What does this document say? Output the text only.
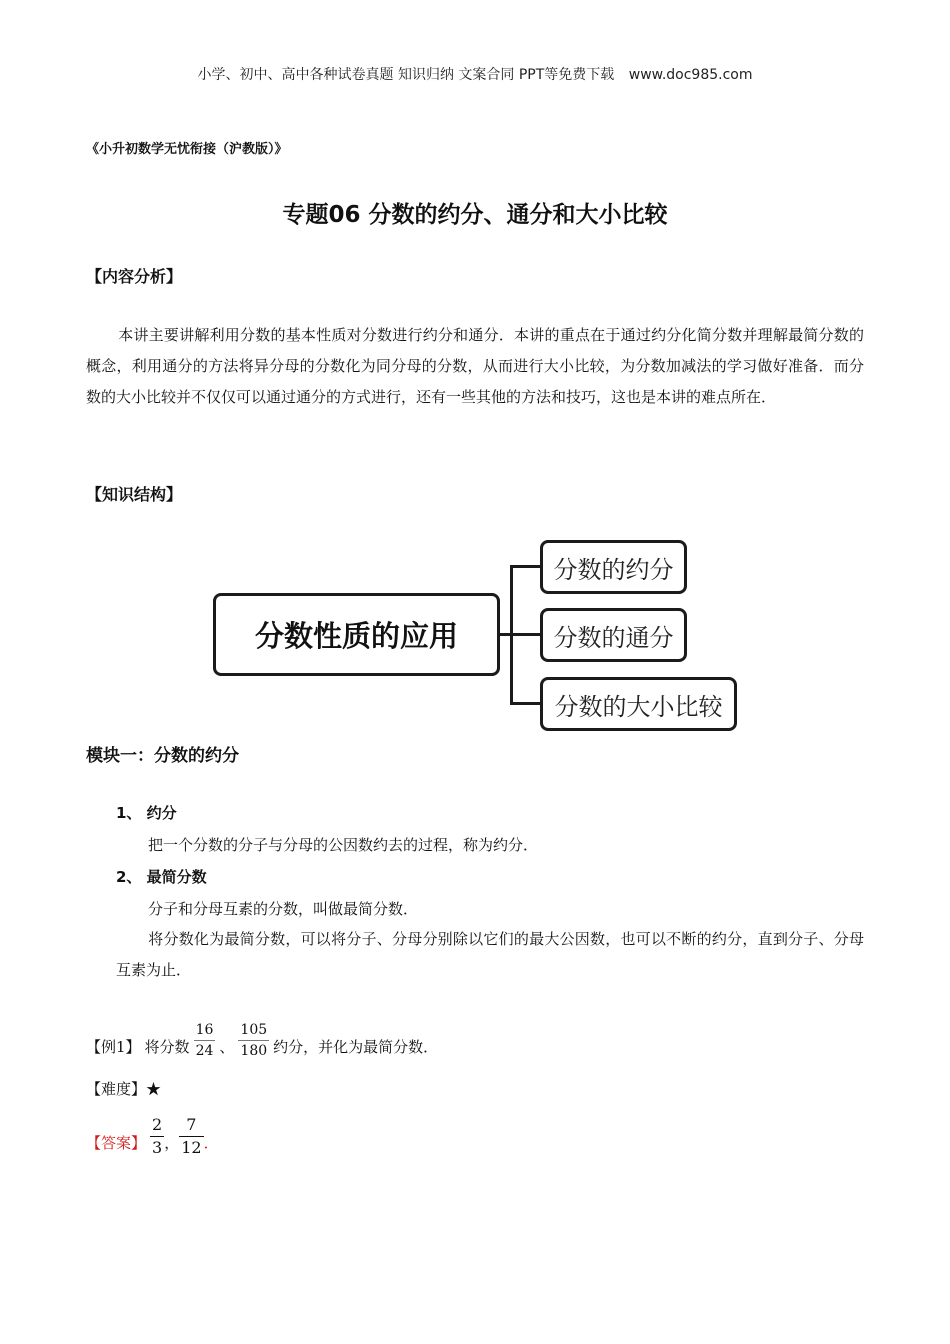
小学、初中、高中各种试卷真题 知识归纳 文案合同 PPT等免费下载 www.doc985.com
《小升初数学无忧衔接（沪教版）》
专题06 分数的约分、通分和大小比较
【内容分析】
本讲主要讲解利用分数的基本性质对分数进行约分和通分．本讲的重点在于通过约分化简分数并理解最简分数的概念，利用通分的方法将异分母的分数化为同分母的分数，从而进行大小比较，为分数加减法的学习做好准备．而分数的大小比较并不仅仅可以通过通分的方式进行，还有一些其他的方法和技巧，这也是本讲的难点所在．
【知识结构】
分数性质的应用
分数的约分
分数的通分
分数的大小比较
模块一：分数的约分
1、 约分
把一个分数的分子与分母的公因数约去的过程，称为约分．
2、 最简分数
分子和分母互素的分数，叫做最简分数．
将分数化为最简分数，可以将分子、分母分别除以它们的最大公因数，也可以不断的约分，直到分子、分母互素为止．
【例1】 将分数 $\frac{16}{24}$ 、 $\frac{105}{180}$ 约分，并化为最简分数．
【难度】★
【答案】 $\frac{2}{3}$ ， $\frac{7}{12}$ ．
